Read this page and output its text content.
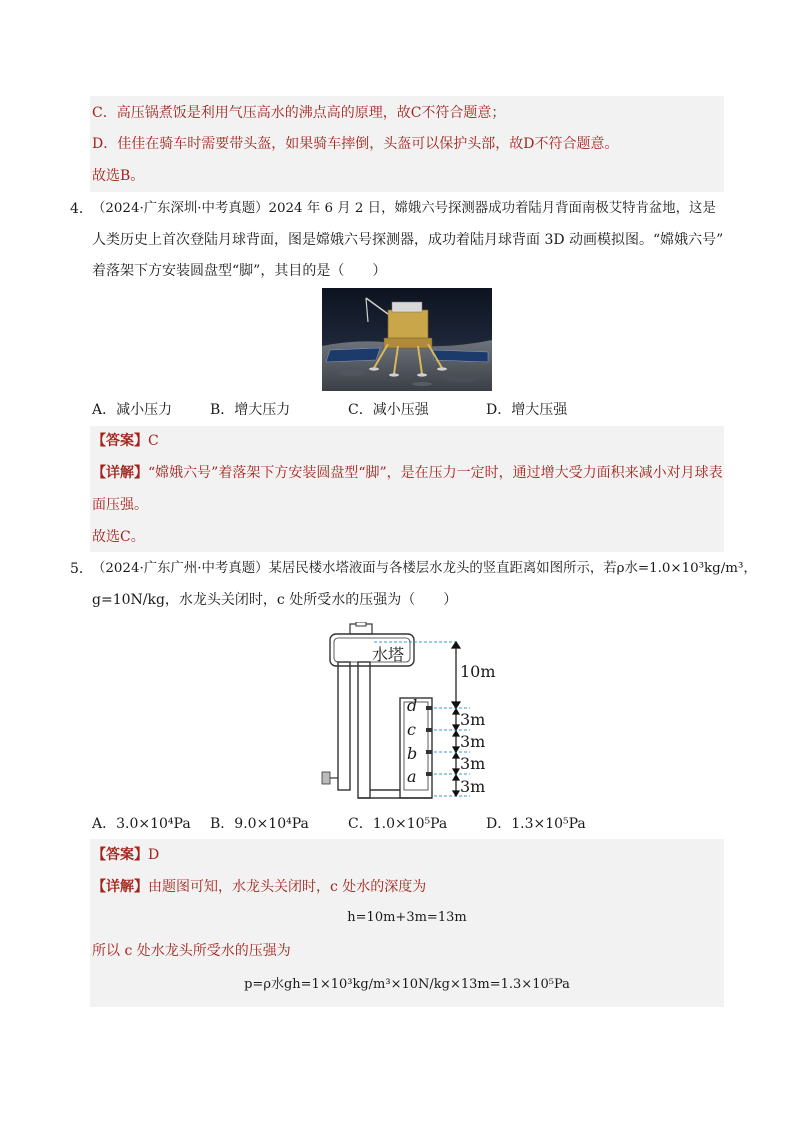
C．高压锅煮饭是利用气压高水的沸点高的原理，故C不符合题意；
D．佳佳在骑车时需要带头盔，如果骑车摔倒，头盔可以保护头部，故D不符合题意。
故选B。
4． （2024·广东深圳·中考真题）2024 年 6 月 2 日，嫦娥六号探测器成功着陆月背面南极艾特肯盆地，这是
人类历史上首次登陆月球背面，图是嫦娥六号探测器，成功着陆月球背面 3D 动画模拟图。“嫦娥六号”
着落架下方安装圆盘型“脚”，其目的是（　　）
A．减小压力	B．增大压力	C．减小压强	D．增大压强
【答案】C
【详解】“嫦娥六号”着落架下方安装圆盘型“脚”，是在压力一定时，通过增大受力面积来减小对月球表
面压强。
故选C。
5． （2024·广东广州·中考真题）某居民楼水塔液面与各楼层水龙头的竖直距离如图所示，若ρ水=1.0×10³kg/m³，
g=10N/kg，水龙头关闭时，c 处所受水的压强为（　　）
水塔
10m
3m
3m
3m
3m
d
c
b
a
A．3.0×10⁴Pa B．9.0×10⁴Pa	C．1.0×10⁵Pa	D．1.3×10⁵Pa
【答案】D
【详解】由题图可知，水龙头关闭时，c 处水的深度为
h=10m+3m=13m
所以 c 处水龙头所受水的压强为
p=ρ水gh=1×10³kg/m³×10N/kg×13m=1.3×10⁵Pa
